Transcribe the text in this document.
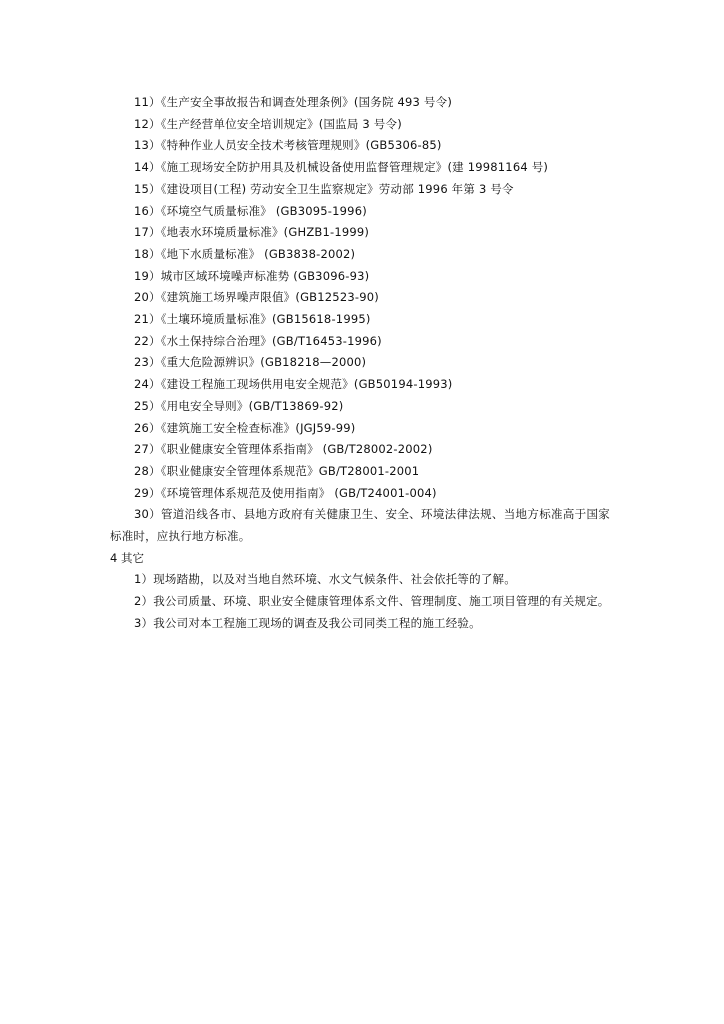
11）《生产安全事故报告和调查处理条例》(国务院 493 号令)
12）《生产经营单位安全培训规定》(国监局 3 号令)
13）《特种作业人员安全技术考核管理规则》(GB5306-85)
14）《施工现场安全防护用具及机械设备使用监督管理规定》(建 19981164 号)
15）《建设项目(工程) 劳动安全卫生监察规定》劳动部 1996 年第 3 号令
16）《环境空气质量标准》 (GB3095-1996)
17）《地表水环境质量标准》(GHZB1-1999)
18）《地下水质量标准》 (GB3838-2002)
19）城市区域环境噪声标准势 (GB3096-93)
20）《建筑施工场界噪声限值》(GB12523-90)
21）《土壤环境质量标准》(GB15618-1995)
22）《水土保持综合治理》(GB/T16453-1996)
23）《重大危险源辨识》(GB18218—2000)
24）《建设工程施工现场供用电安全规范》(GB50194-1993)
25）《用电安全导则》(GB/T13869-92)
26）《建筑施工安全检查标准》(JGJ59-99)
27）《职业健康安全管理体系指南》 (GB/T28002-2002)
28）《职业健康安全管理体系规范》GB/T28001-2001
29）《环境管理体系规范及使用指南》 (GB/T24001-004)
30）管道沿线各市、县地方政府有关健康卫生、安全、环境法律法规、当地方标准高于国家标准时，应执行地方标准。
4 其它
1）现场踏勘，以及对当地自然环境、水文气候条件、社会依托等的了解。
2）我公司质量、环境、职业安全健康管理体系文件、管理制度、施工项目管理的有关规定。
3）我公司对本工程施工现场的调查及我公司同类工程的施工经验。
